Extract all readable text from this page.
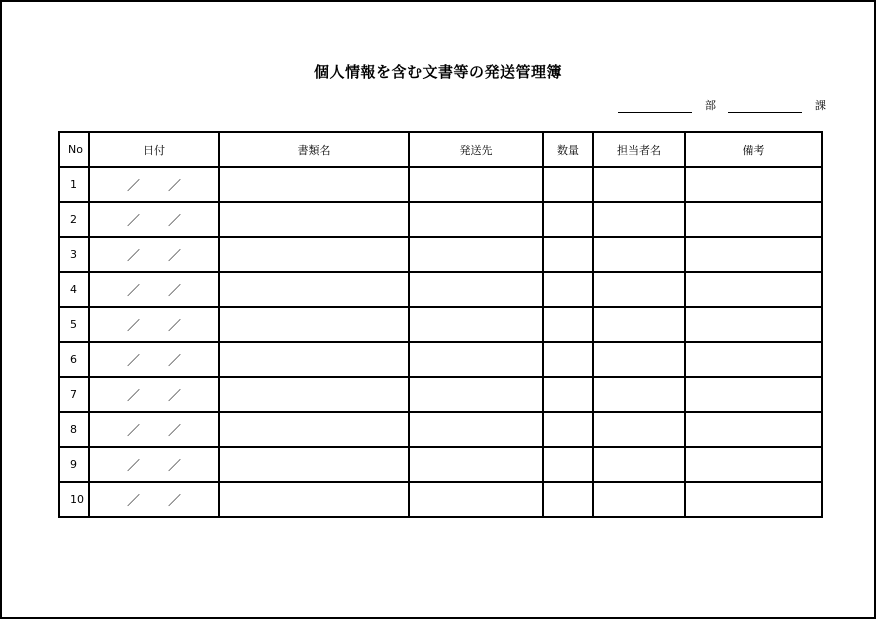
個人情報を含む文書等の発送管理簿
部	課
No	日付	書類名	発送先	数量	担当者名	備考
1	／ ／					

2	／ ／					

3	／ ／					

4	／ ／					

5	／ ／					

6	／ ／					

7	／ ／					

8	／ ／					

9	／ ／					

10	／ ／					
